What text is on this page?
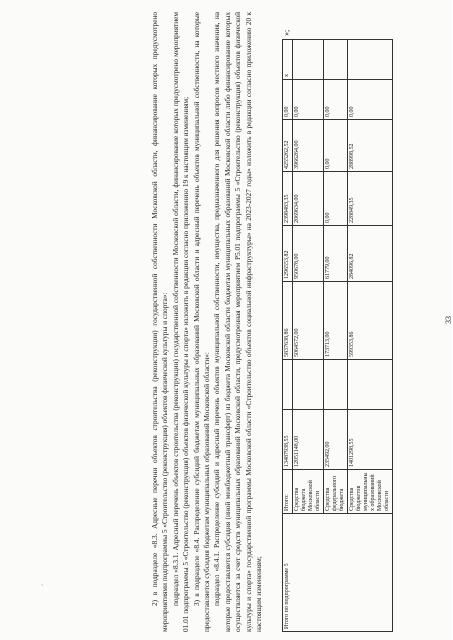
33
Итого по подпрограмме 5	Итого:	13487938,55		5837638,86	1296553,82	2398483,35	4255262,52	0,00	x
	Средства бюджета Московской области	12051148,00		5064572,00	950678,00	2069634,00	3966264,00	0,00	
	Средства федерального бюджета	235492,00		173713,00	61779,00	0,00	0,00	0,00	
	Средства бюджетов муниципальных образований Московской области	1401298,55		599353,86	284096,82	228849,35	288998,52	0,00	
»;

2) в подразделе «8.3. Адресные перечни объектов строительства (реконструкции) государственной собственности Московской области, финансирование которых предусмотрено мероприятиями подпрограммы 5 «Строительство (реконструкция) объектов физической культуры и спорта»: подраздел «8.3.1. Адресный перечень объектов строительства (реконструкции) государственной собственности Московской области, финансирование которых предусмотрено мероприятием 01.01 подпрограммы 5 «Строительство (реконструкция) объектов физической культуры и спорта» изложить в редакции согласно приложению 19 к настоящим изменениям; 3) в подразделе «8.4. Распределение субсидий бюджетам муниципальных образований Московской области и адресный перечень объектов муниципальной собственности, на которые предоставляется субсидия бюджетам муниципальных образований Московской области»: подраздел «8.4.1. Распределение субсидий и адресный перечень объектов муниципальной собственности, имущества, предназначенного для решения вопросов местного значения, на которые предоставляется субсидия (иной межбюджетный трансферт) из бюджета Московской области бюджетам муниципальных образований Московской области либо финансирование которых осуществляется за счет средств муниципальных образований Московской области, предусмотренная мероприятием P5.01 подпрограммы 5 «Строительство (реконструкция) объектов физической культуры и спорта» государственной программы Московской области «Строительство объектов социальной инфраструктуры» на 2023-2027 годы» изложить в редакции согласно приложению 20 к настоящим изменениям;

·
